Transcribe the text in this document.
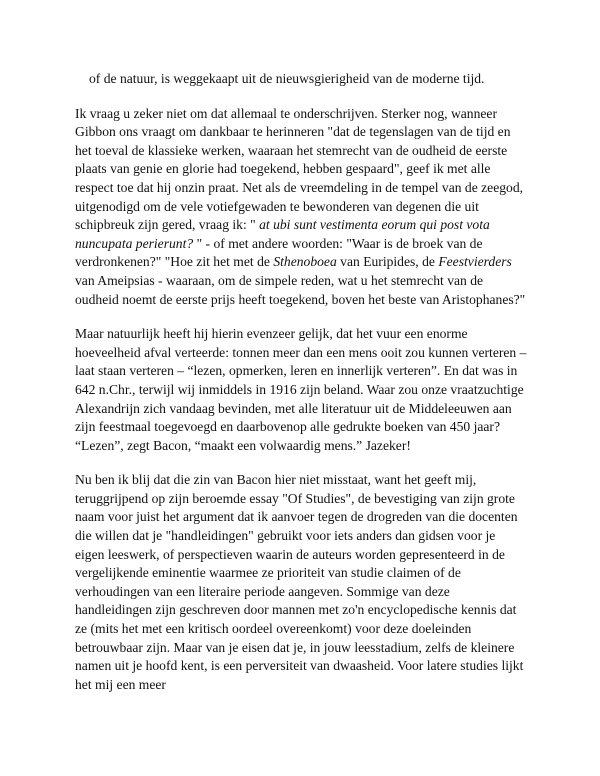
of de natuur, is weggekaapt uit de nieuwsgierigheid van de moderne tijd.

Ik vraag u zeker niet om dat allemaal te onderschrijven. Sterker nog, wanneer Gibbon ons vraagt om dankbaar te herinneren "dat de tegenslagen van de tijd en het toeval de klassieke werken, waaraan het stemrecht van de oudheid de eerste plaats van genie en glorie had toegekend, hebben gespaard", geef ik met alle respect toe dat hij onzin praat. Net als de vreemdeling in de tempel van de zeegod, uitgenodigd om de vele votiefgewaden te bewonderen van degenen die uit schipbreuk zijn gered, vraag ik: " at ubi sunt vestimenta eorum qui post vota nuncupata perierunt? " - of met andere woorden: "Waar is de broek van de verdronkenen?" "Hoe zit het met de Sthenoboea van Euripides, de Feestvierders van Ameipsias - waaraan, om de simpele reden, wat u het stemrecht van de oudheid noemt de eerste prijs heeft toegekend, boven het beste van Aristophanes?"

Maar natuurlijk heeft hij hierin evenzeer gelijk, dat het vuur een enorme hoeveelheid afval verteerde: tonnen meer dan een mens ooit zou kunnen verteren – laat staan verteren – “lezen, opmerken, leren en innerlijk verteren”. En dat was in 642 n.Chr., terwijl wij inmiddels in 1916 zijn beland. Waar zou onze vraatzuchtige Alexandrijn zich vandaag bevinden, met alle literatuur uit de Middeleeuwen aan zijn feestmaal toegevoegd en daarbovenop alle gedrukte boeken van 450 jaar? “Lezen”, zegt Bacon, “maakt een volwaardig mens.” Jazeker!

Nu ben ik blij dat die zin van Bacon hier niet misstaat, want het geeft mij, teruggrijpend op zijn beroemde essay "Of Studies", de bevestiging van zijn grote naam voor juist het argument dat ik aanvoer tegen de drogreden van die docenten die willen dat je "handleidingen" gebruikt voor iets anders dan gidsen voor je eigen leeswerk, of perspectieven waarin de auteurs worden gepresenteerd in de vergelijkende eminentie waarmee ze prioriteit van studie claimen of de verhoudingen van een literaire periode aangeven. Sommige van deze handleidingen zijn geschreven door mannen met zo'n encyclopedische kennis dat ze (mits het met een kritisch oordeel overeenkomt) voor deze doeleinden betrouwbaar zijn. Maar van je eisen dat je, in jouw leesstadium, zelfs de kleinere namen uit je hoofd kent, is een perversiteit van dwaasheid. Voor latere studies lijkt het mij een meer
